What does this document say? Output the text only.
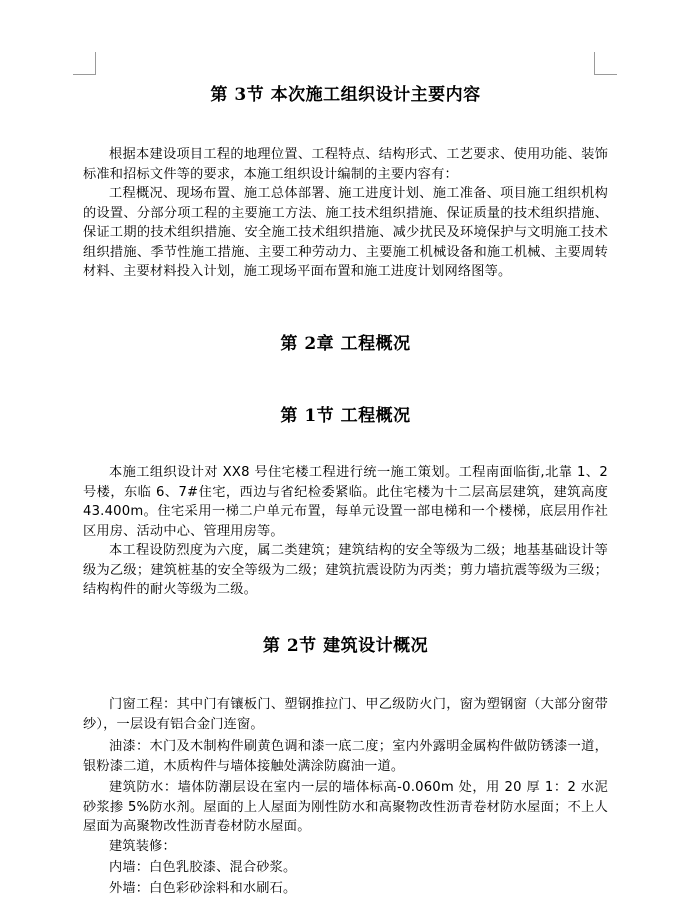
第 3节 本次施工组织设计主要内容

根据本建设项目工程的地理位置、工程特点、结构形式、工艺要求、使用功能、装饰标准和招标文件等的要求，本施工组织设计编制的主要内容有：

工程概况、现场布置、施工总体部署、施工进度计划、施工准备、项目施工组织机构的设置、分部分项工程的主要施工方法、施工技术组织措施、保证质量的技术组织措施、保证工期的技术组织措施、安全施工技术组织措施、减少扰民及环境保护与文明施工技术组织措施、季节性施工措施、主要工种劳动力、主要施工机械设备和施工机械、主要周转材料、主要材料投入计划，施工现场平面布置和施工进度计划网络图等。

第 2章 工程概况
第 1节 工程概况

本施工组织设计对 XX8 号住宅楼工程进行统一施工策划。工程南面临街,北靠 1、2号楼，东临 6、7#住宅，西边与省纪检委紧临。此住宅楼为十二层高层建筑，建筑高度 43.400m。住宅采用一梯二户单元布置，每单元设置一部电梯和一个楼梯，底层用作社区用房、活动中心、管理用房等。

本工程设防烈度为六度，属二类建筑；建筑结构的安全等级为二级；地基基础设计等级为乙级；建筑桩基的安全等级为二级；建筑抗震设防为丙类；剪力墙抗震等级为三级；结构构件的耐火等级为二级。

第 2节 建筑设计概况

门窗工程：其中门有镶板门、塑钢推拉门、甲乙级防火门，窗为塑钢窗（大部分窗带纱），一层设有铝合金门连窗。

油漆：木门及木制构件刷黄色调和漆一底二度；室内外露明金属构件做防锈漆一道，银粉漆二道，木质构件与墙体接触处满涂防腐油一道。

建筑防水：墙体防潮层设在室内一层的墙体标高-0.060m 处，用 20 厚 1：2 水泥砂浆掺 5%防水剂。屋面的上人屋面为刚性防水和高聚物改性沥青卷材防水屋面；不上人屋面为高聚物改性沥青卷材防水屋面。

建筑装修：

内墙：白色乳胶漆、混合砂浆。

外墙：白色彩砂涂料和水刷石。
